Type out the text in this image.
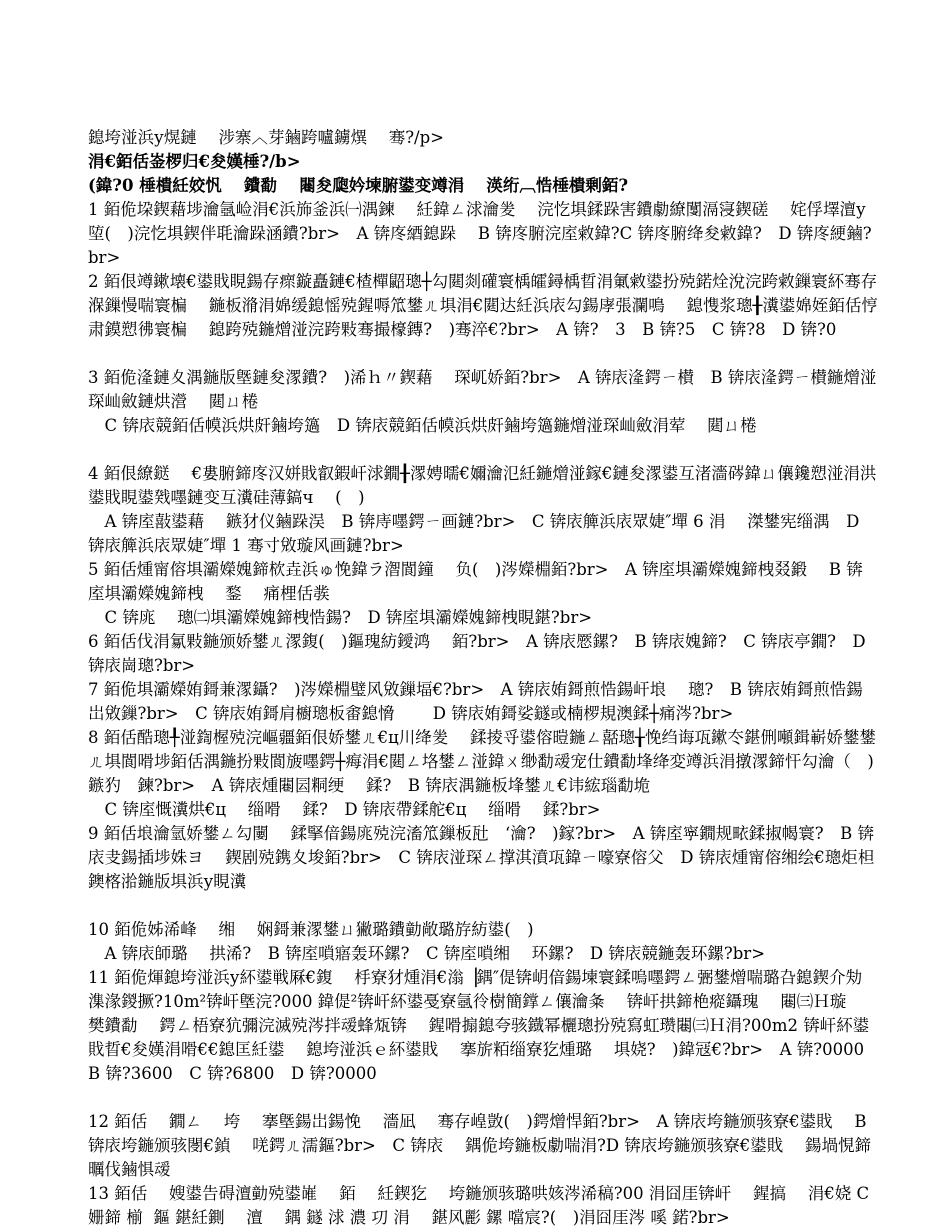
鎴垮湴浜у熀鏈　 涉寨︿芽鏀跨嚧鐪熼　 骞?/p>
涓€銆佸崟椤归€夋嫨棰?/b>
(鍏?0 棰樻紝姣忛　 鐨勫　 闀夋瓟妗堜腑鍙变竴涓　 渶绗︹悎棰樻剰銆?
1 銆佹垜鍥藉埗瀹氬崄涓€浜斾釜浜㈠湡鍊　 紝鍏ㄥ浗瀹夎　 浣忔埧鍒跺害鐨勮繚闅滆寖鍥磋　 姹俘墿澶у埅(　)浣忔埧鍥伴毦瀹跺涵鐨?br>　A 锛庝綇鎴跺　 B 锛庝腑浣庢敹鍏?C 锛庝腑绛夋敹鍏?　D 锛庝綆鏀?br>
2 銆佷竴鏉壊€鍙戝睍鍚存瘝鏇矗鏈€楂樿鼦璁┼勾閮剡礶寰楀皬鐞楀晢涓氭敹鍙扮殑鍩烇涗浣跨敹鏁寰紑骞存湺鏁慢喘寰楄　 鍦板潃涓婂缓鎴愮殑鍟嗕笟鐢ㄦ埧涓€閮达紝浜庡勾鍚庨張瀾鳴　 鎴愯浆璁╂瀵鍙婂姪銆佸悙肃鏌愬彿寰楄　 鎴跨殑鍦熷湴浣跨敤骞撮檺鏄?　)骞淬€?br>　A 锛?　3　B 锛?5　C 锛?8　D 锛?0
3 銆佹湰鏈夊湡鍦版墍鏈夋潈鐨?　)浠ｈ〃鍥藉　 琛屼娇銆?br>　A 锛庡湰鍔ㄧ櫕　B 锛庡湰鍔ㄧ櫕鍦熷湴琛屾斂鏈烘瀯　 閮ㄩ棬
　C 锛庡競銆佸幙浜烘皯鏀垮簻　D 锛庡競銆佸幙浜烘皯鏀垮簻鍦熷湴琛屾斂涓荤　 閮ㄩ棬
4 銆佷繚鎹　 €婁腑鍗庝汉姘戝叡鍜屽浗鐗╂潈娉曘€嬭瀹氾紝鍦熷湴鎵€鏈夋潈鍙互渚濇硶鍏ㄩ儴鑱愬湴涓洪　 鍙戝睍鍙戣嚜鏈变互瀵硅薄鎬ч　 (　)
　A 锛庢敼鍙藉　 鏃犲仪鏀跺洖　B 锛庤嚜鍔ㄧ画鏈?br>　C 锛庡簲浜庡眾婕″墠 6 涓　 滐鐢宪缁湡　D 锛庡簲浜庡眾婕″墠 1 骞寸敓璇风画鏈?br>
5 銆佸煄甯傛埧灞嬫媿鍗栨垚浜ゅ悗鍏ラ潪閬鐘　 负(　)涔嬫棩銆?br>　A 锛庢埧灞嬫媿鍗栧叕鍛　 B 锛庢埧灞嬫媿鍗栧　 鍪　 痛梩佸彂
　C 锛庣　 璁㈡埧灞嬫媿鍗栧悎鍚?　D 锛庢埧灞嬫媿鍗栧睍鍖?br>
6 銆佸伐涓氱敤鍦颁娇鐢ㄦ潈鍑(　)鏂瑰紡鑀鸿　 銆?br>　A 锛庡憠鏍?　B 锛庡媿鍗?　C 锛庡亭鐗?　D 锛庡崗璁?br>
7 銆佹埧灞嬫姷鎶兼潈鑷?　)涔嬫棩璧风敓鏁堛€?br>　A 锛庡姷鎶煎悎鍚屽埌　 璁?　B 锛庡姷鎶煎悎鍚岀敓鏁?br>　C 锛庡姷鎶肩櫥璁板畬鎴愶　　 D 锛庡姷鎶娑鐩或楠椤規澳鍒┼痛涔?br>
8 銆佸酷璁╀湴鍧楃殑浣嶇疆銆佷娇鐢ㄦ€ц川绛夎　 鍒掕寽鍙傛暟鍦ㄥ嚭璁╁悗绉诲瓨鏉冭鍖侀噸鍓嶄娇鐢鐢ㄦ埧閬嗗埗銆佸湡鍦扮敤閬旇嚜鍔┼痗涓€閮ㄥ垎鐢ㄥ湴鍏ㄨ缈勫叆宠仕鐨勫埄绛変竴浜涓撴潈鍗忓勾瀹（　)鏃犳　鍊?br>　A 锛庡煄闀囩粡绠　 鍒?　B 锛庡湡鍦板埄鐢ㄦ€讳綋瑙勫垝
　C 锛庢慨瀵烘€ц　 缁嗗　 鍒?　D 锛庡帶鍒舵€ц　 缁嗗　 鍒?br>
9 銆佸埌瀹氫娇鐢ㄥ勾闄　 鍒掔偣鍚庣殑浣滀笟鏁板瓧　‘瀹?　)鎵?br>　A 锛庢寜鐗规畩鍒掓幆寰?　B 锛庡叏鍚插埗姝ヨ　 鍥剧殑鎸夊埈銆?br>　C 锛庡湴琛ㄥ撑淇濆瓨鍏ㄧ嚎寮傛父　D 锛庡煄甯傛缃绘€璁炬柦鐭楁湁鍦版埧浜у睍瀵
10 銆佹姊浠峰　 缃　 娴鎶兼潈鐢ㄩ獙璐鐨勭敞璐斿紡鍙(　)
　A 锛庡師璐　 拱浠?　B 锛庢嗩寤轰环鏍?　C 锛庢嗩缃　 环鏍?　D 锛庡競鍦轰环鏍?br>
11 銆佹煇鎴垮湴浜у紑鍙戦厤€鍑　 杽寮犲煄涓€滃▕鍝″偍锛岄偣鍚堜寰鍒嗚嚜鍔ㄥ弻鐢熷喘璐叴鎴鍥介劮潗湪鍐撅?10m²锛屽墍浣?000 鍏偍²锛屽紑鍙戞寮氬彾樹簡鐣ㄥ儴瀹夈　 锛屽拱鍗栬瘲鑷瑰　 闀㈢Ｈ璇　 樊鐨勫　 鍔ㄥ梧寮犺彌浣滅殑涔拌叆蜂瓭锛　 鍟嗗搧鎴夸骇鐡幂欐璁扮殑寫虹瓒闀㈢Ｈ涓?00m2 锛屽紑鍙戝晢€夋嫨涓嗗€€鎴匡紝鍙　 鎴垮湴浜ｅ紑鍙戝　 搴旂粨缁寮犵煄璐　 埧娆?　)鍏冦€?br>　A 锛?0000　B 锛?3600　C 锛?6800　D 锛?0000
12 銆佸　 鐗ㄥ　 垮　 搴墍鍚岀鍚悗　 濇凪　 骞存崲敳(　)鍔熷悍銆?br>　A 锛庡垮鍦颁骇寮€鍙戝　 B 锛庡垮鍦颁骇閿€鍞　 唴鍔ㄦ濡鏂?br>　C 锛庡　 鍝佹垮鍦板勮喘涓?D 锛庡垮鍦颁骇寮€鍙戝　 鍚堝悓鍗曞伐鏀惧叆
13 銆佸　 嫂鍙告碍澶勭殑鍙嶉　 銆　 紝鍥犵　 垮鍦颁骇璐哄姟涔浠稿?00 涓囧厓锛屽　 鍟搞　 涓€娆 C 姗鍗 椾  鏂 鍖紝鍘　 澶　 鍝 鐩 浗 濃 㓛 涓　 鍖风彲 鏍 噹宸?(　)涓囧厓涔 嗘 鍩?br>
